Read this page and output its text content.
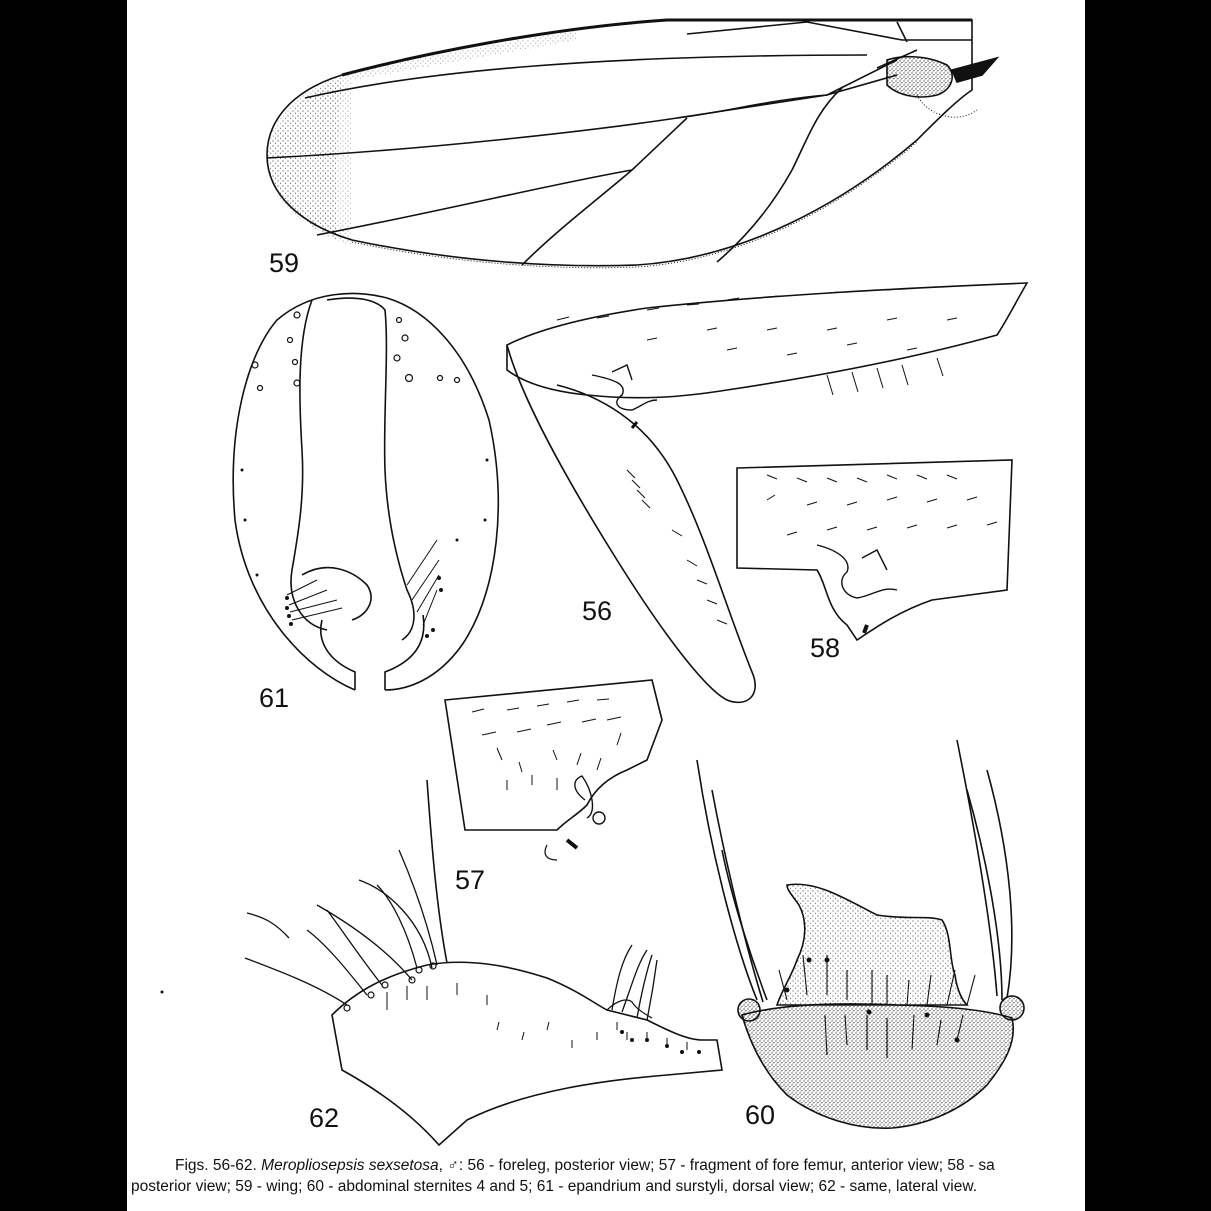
59
61
56
58
57
62	60
Figs. 56-62. Meropliosepsis sexsetosa, ♂: 56 - foreleg, posterior view; 57 - fragment of fore femur, anterior view; 58 - sa
posterior view; 59 - wing; 60 - abdominal sternites 4 and 5; 61 - epandrium and surstyli, dorsal view; 62 - same, lateral view.
